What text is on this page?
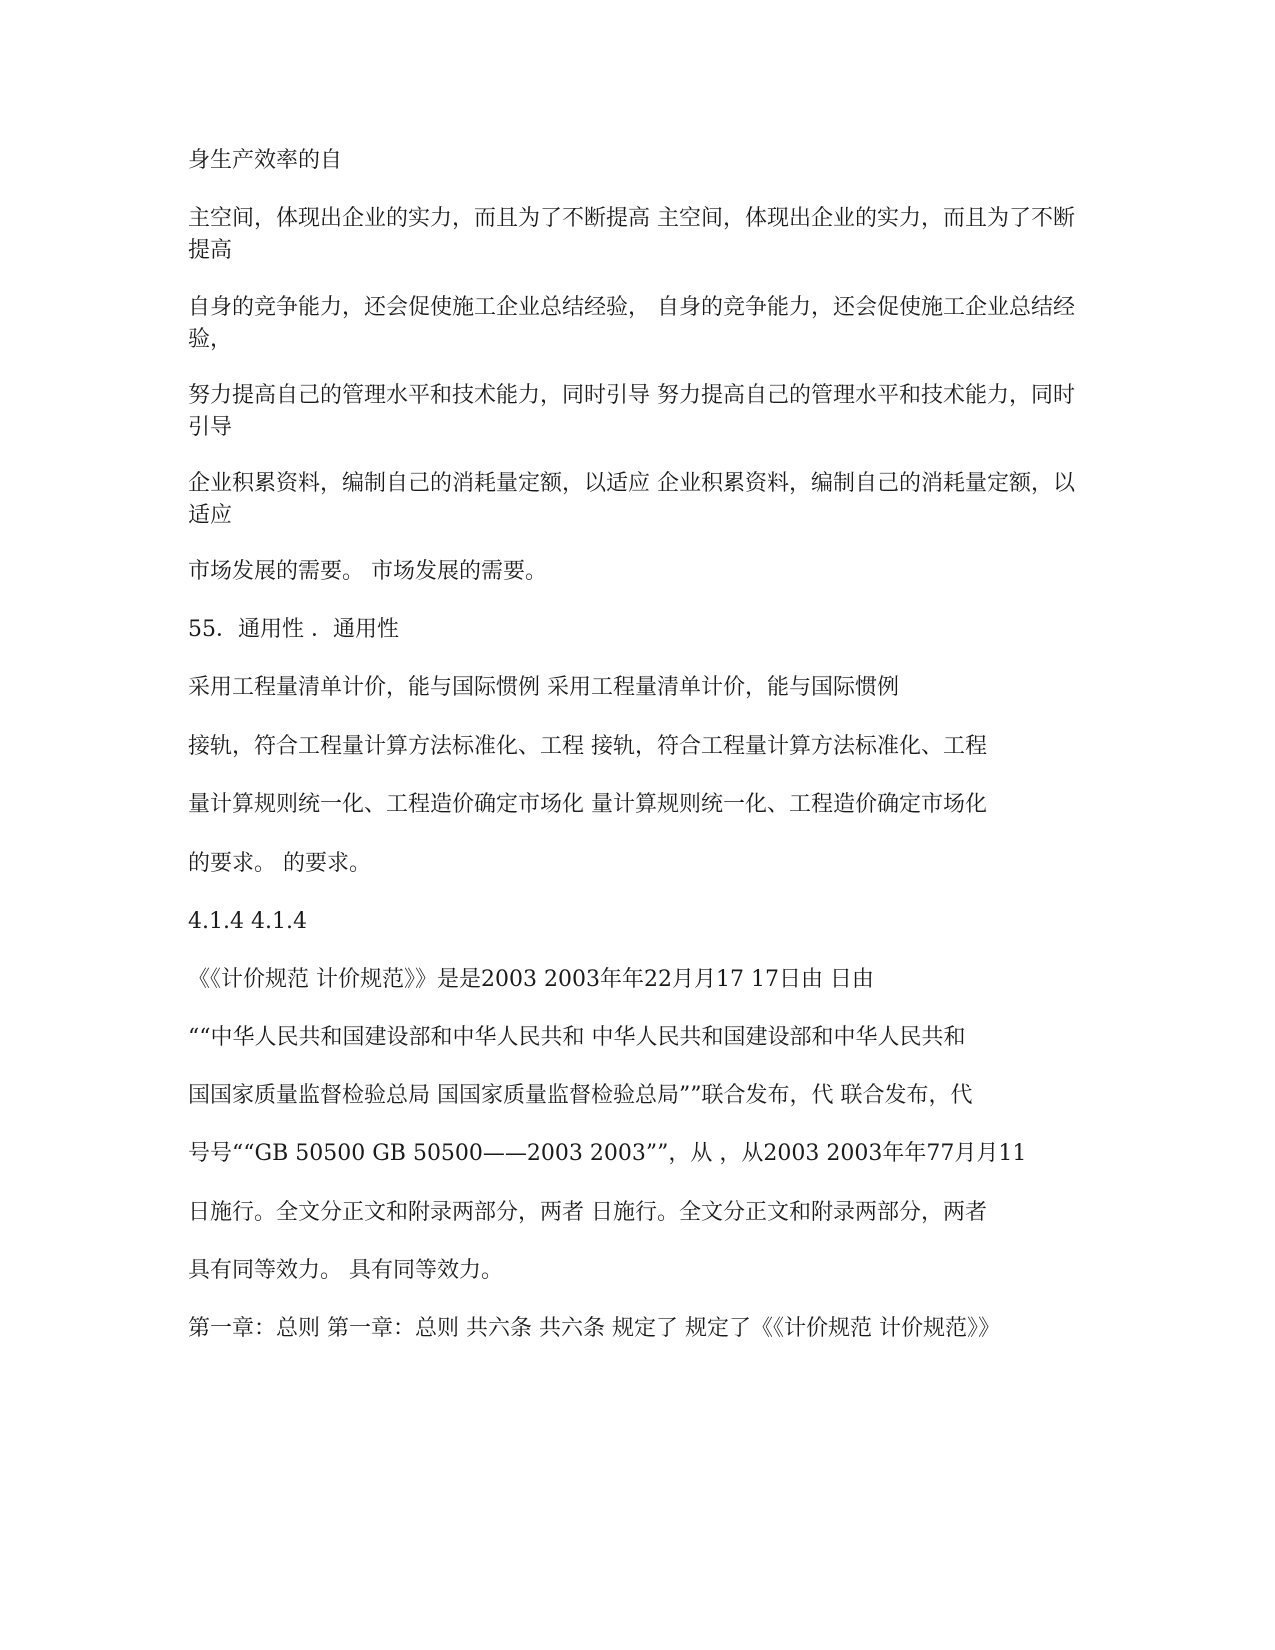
身生产效率的自

主空间，体现出企业的实力，而且为了不断提高 主空间，体现出企业的实力，而且为了不断提高

自身的竞争能力，还会促使施工企业总结经验， 自身的竞争能力，还会促使施工企业总结经验，

努力提高自己的管理水平和技术能力，同时引导 努力提高自己的管理水平和技术能力，同时引导

企业积累资料，编制自己的消耗量定额，以适应 企业积累资料，编制自己的消耗量定额，以适应

市场发展的需要。 市场发展的需要。

55．通用性 ．通用性

采用工程量清单计价，能与国际惯例 采用工程量清单计价，能与国际惯例

接轨，符合工程量计算方法标准化、工程 接轨，符合工程量计算方法标准化、工程

量计算规则统一化、工程造价确定市场化 量计算规则统一化、工程造价确定市场化

的要求。 的要求。

4.1.4 4.1.4

《《计价规范 计价规范》》是是2003 2003年年22月月17 17日由 日由

““中华人民共和国建设部和中华人民共和 中华人民共和国建设部和中华人民共和

国国家质量监督检验总局 国国家质量监督检验总局””联合发布，代 联合发布，代

号号““GB 50500 GB 50500——2003 2003””，从 ，从2003 2003年年77月月11

日施行。全文分正文和附录两部分，两者 日施行。全文分正文和附录两部分，两者

具有同等效力。 具有同等效力。

第一章：总则 第一章：总则 共六条 共六条 规定了 规定了《《计价规范 计价规范》》
